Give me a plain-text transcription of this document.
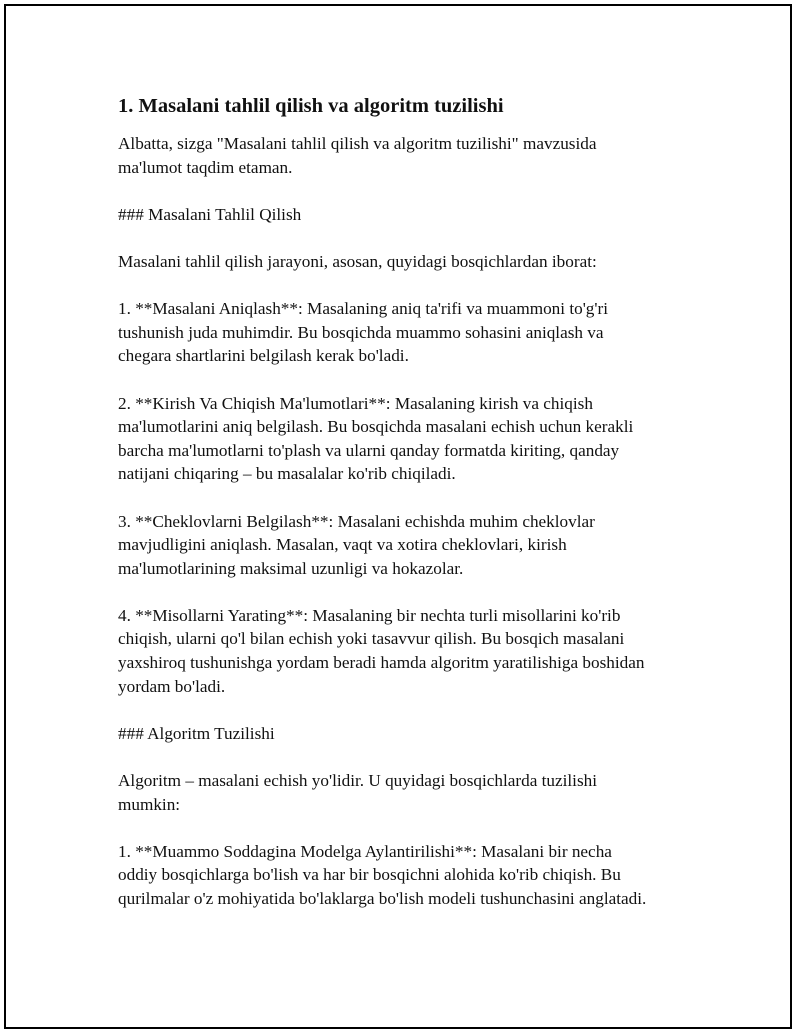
1. Masalani tahlil qilish va algoritm tuzilishi
Albatta, sizga "Masalani tahlil qilish va algoritm tuzilishi" mavzusida
ma'lumot taqdim etaman.
### Masalani Tahlil Qilish
Masalani tahlil qilish jarayoni, asosan, quyidagi bosqichlardan iborat:
1. **Masalani Aniqlash**: Masalaning aniq ta'rifi va muammoni to'g'ri
tushunish juda muhimdir. Bu bosqichda muammo sohasini aniqlash va
chegara shartlarini belgilash kerak bo'ladi.
2. **Kirish Va Chiqish Ma'lumotlari**: Masalaning kirish va chiqish
ma'lumotlarini aniq belgilash. Bu bosqichda masalani echish uchun kerakli
barcha ma'lumotlarni to'plash va ularni qanday formatda kiriting, qanday
natijani chiqaring – bu masalalar ko'rib chiqiladi.
3. **Cheklovlarni Belgilash**: Masalani echishda muhim cheklovlar
mavjudligini aniqlash. Masalan, vaqt va xotira cheklovlari, kirish
ma'lumotlarining maksimal uzunligi va hokazolar.
4. **Misollarni Yarating**: Masalaning bir nechta turli misollarini ko'rib
chiqish, ularni qo'l bilan echish yoki tasavvur qilish. Bu bosqich masalani
yaxshiroq tushunishga yordam beradi hamda algoritm yaratilishiga boshidan
yordam bo'ladi.
### Algoritm Tuzilishi
Algoritm – masalani echish yo'lidir. U quyidagi bosqichlarda tuzilishi
mumkin:
1. **Muammo Soddagina Modelga Aylantirilishi**: Masalani bir necha
oddiy bosqichlarga bo'lish va har bir bosqichni alohida ko'rib chiqish. Bu
qurilmalar o'z mohiyatida bo'laklarga bo'lish modeli tushunchasini anglatadi.
